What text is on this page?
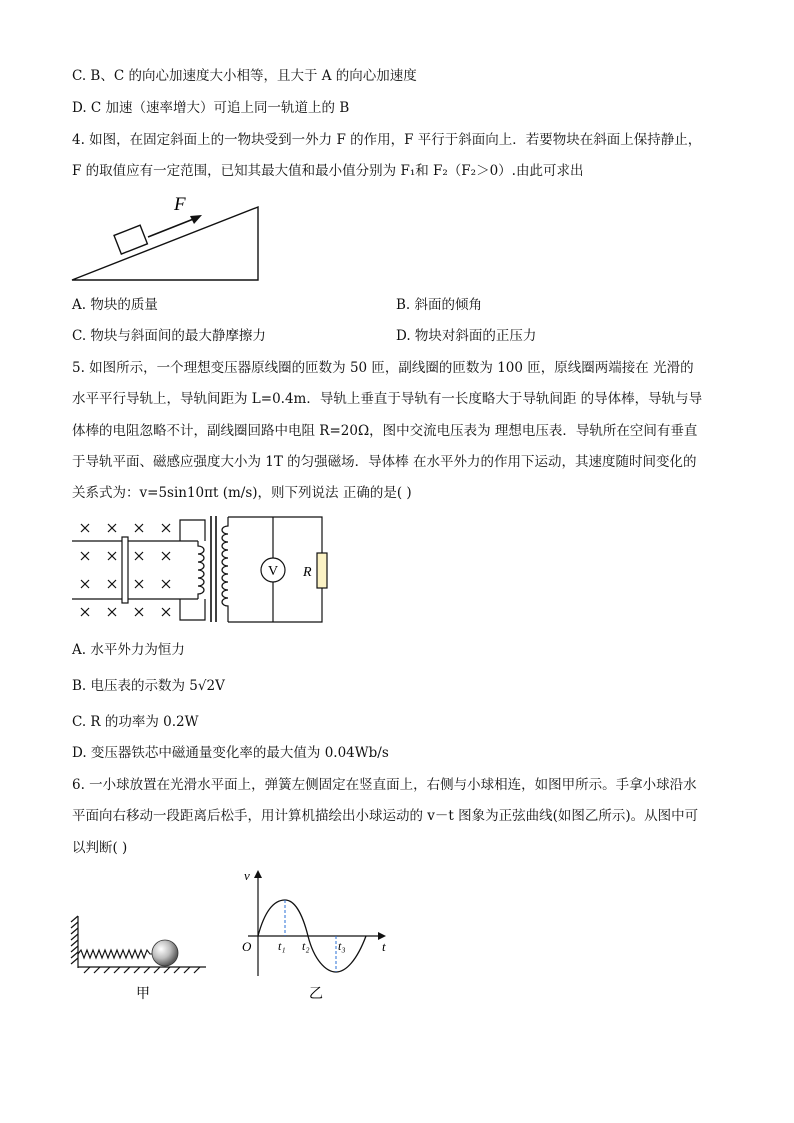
C. B、C 的向心加速度大小相等，且大于 A 的向心加速度
D. C 加速（速率增大）可追上同一轨道上的 B
4. 如图，在固定斜面上的一物块受到一外力 F 的作用，F 平行于斜面向上．若要物块在斜面上保持静止，
F 的取值应有一定范围，已知其最大值和最小值分别为 F₁和 F₂（F₂＞0）.由此可求出
F
A. 物块的质量	B. 斜面的倾角
C. 物块与斜面间的最大静摩擦力	D. 物块对斜面的正压力
5. 如图所示，一个理想变压器原线圈的匝数为 50 匝，副线圈的匝数为 100 匝，原线圈两端接在 光滑的
水平平行导轨上，导轨间距为 L=0.4m．导轨上垂直于导轨有一长度略大于导轨间距 的导体棒，导轨与导
体棒的电阻忽略不计，副线圈回路中电阻 R=20Ω，图中交流电压表为 理想电压表．导轨所在空间有垂直
于导轨平面、磁感应强度大小为 1T 的匀强磁场．导体棒 在水平外力的作用下运动，其速度随时间变化的
关系式为：v=5sin10πt (m/s)，则下列说法 正确的是( )
V R
A. 水平外力为恒力
B. 电压表的示数为 5√2V
C. R 的功率为 0.2W
D. 变压器铁芯中磁通量变化率的最大值为 0.04Wb/s
6. 一小球放置在光滑水平面上，弹簧左侧固定在竖直面上，右侧与小球相连，如图甲所示。手拿小球沿水
平面向右移动一段距离后松手，用计算机描绘出小球运动的 v－t 图象为正弦曲线(如图乙所示)。从图中可
以判断( )
甲
v
t
O t₁ t₂ t₃
乙
